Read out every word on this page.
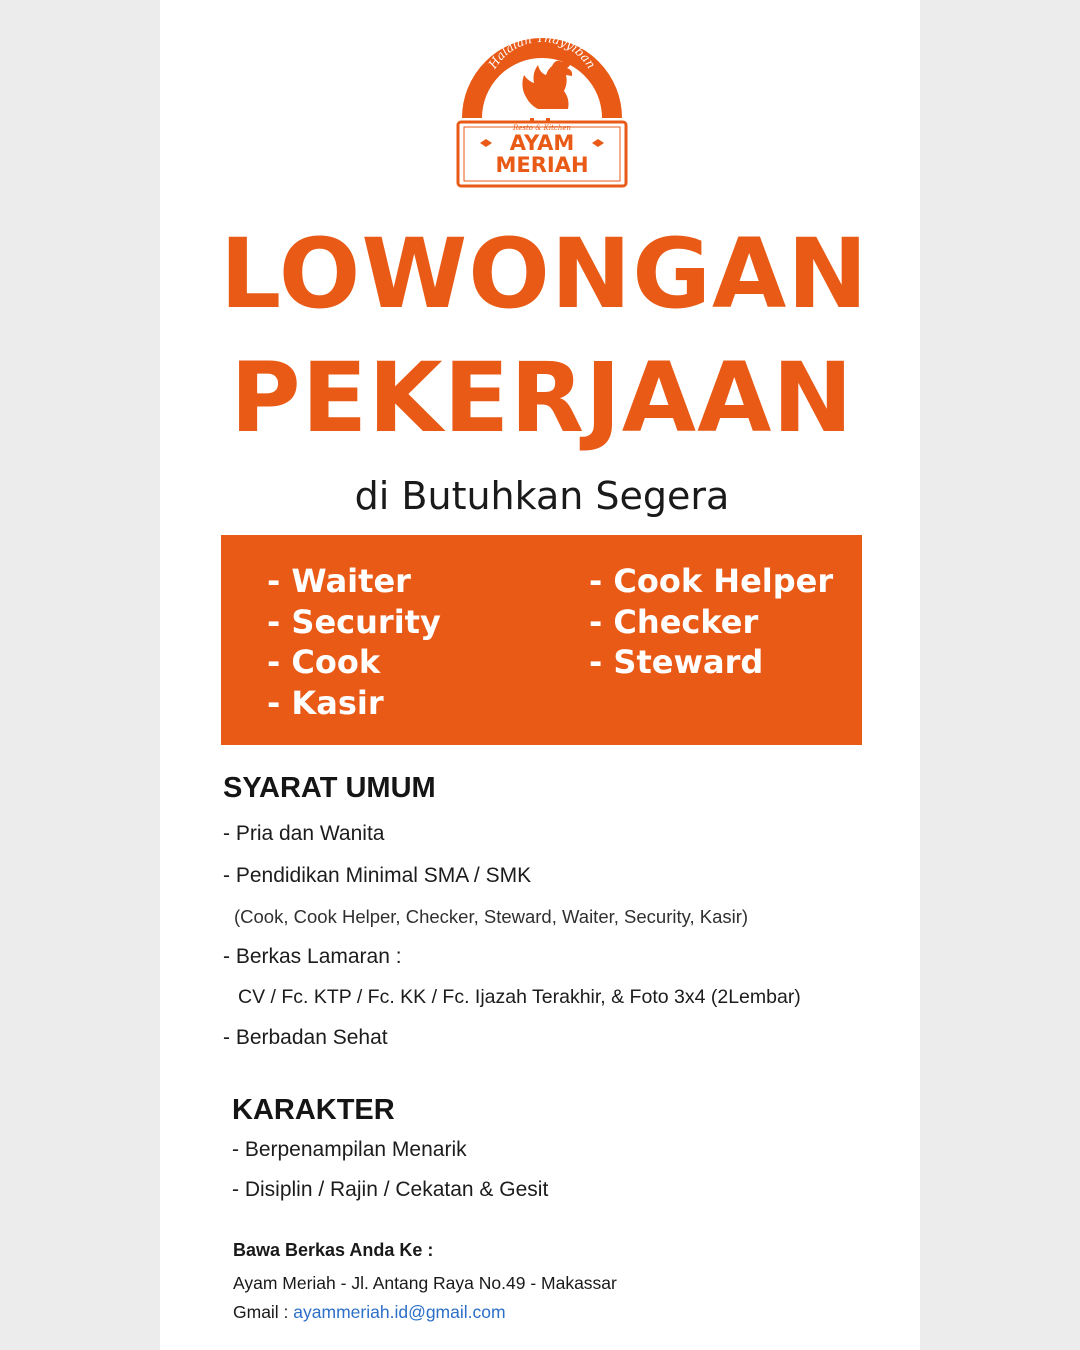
Halalan Thayyiban
Resto & Kitchen
AYAM
MERIAH
LOWONGAN
PEKERJAAN
di Butuhkan Segera
- Waiter
- Security
- Cook
- Kasir
- Cook Helper
- Checker
- Steward
SYARAT UMUM
- Pria dan Wanita
- Pendidikan Minimal SMA / SMK
(Cook, Cook Helper, Checker, Steward, Waiter, Security, Kasir)
- Berkas Lamaran :
CV / Fc. KTP / Fc. KK / Fc. Ijazah Terakhir, & Foto 3x4 (2Lembar)
- Berbadan Sehat
KARAKTER
- Berpenampilan Menarik
- Disiplin / Rajin / Cekatan & Gesit
Bawa Berkas Anda Ke :
Ayam Meriah - Jl. Antang Raya No.49 - Makassar
Gmail : ayammeriah.id@gmail.com
